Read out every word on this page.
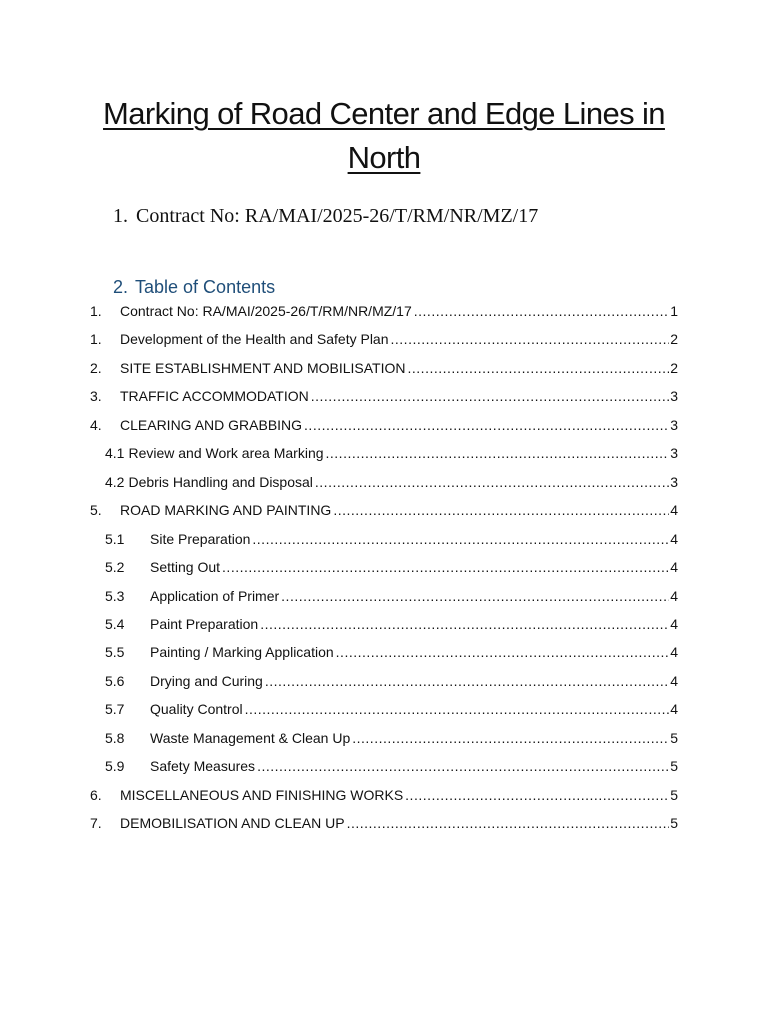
Marking of Road Center and Edge Lines in North
1. Contract No: RA/MAI/2025-26/T/RM/NR/MZ/17
2. Table of Contents
1.	Contract No: RA/MAI/2025-26/T/RM/NR/MZ/17 .....	1
1.	Development of the Health and Safety Plan .....	2
2.	SITE ESTABLISHMENT AND MOBILISATION .....	2
3.	TRAFFIC ACCOMMODATION .....	3
4.	CLEARING AND GRABBING .....	3
4.1 Review and Work area Marking .....	3
4.2 Debris Handling and Disposal .....	3
5.	ROAD MARKING AND PAINTING .....	4
5.1	Site Preparation .....	4
5.2	Setting Out .....	4
5.3	Application of Primer .....	4
5.4	Paint Preparation .....	4
5.5	Painting / Marking Application .....	4
5.6	Drying and Curing .....	4
5.7	Quality Control .....	4
5.8	Waste Management & Clean Up .....	5
5.9	Safety Measures .....	5
6.	MISCELLANEOUS AND FINISHING WORKS .....	5
7.	DEMOBILISATION AND CLEAN UP .....	5
